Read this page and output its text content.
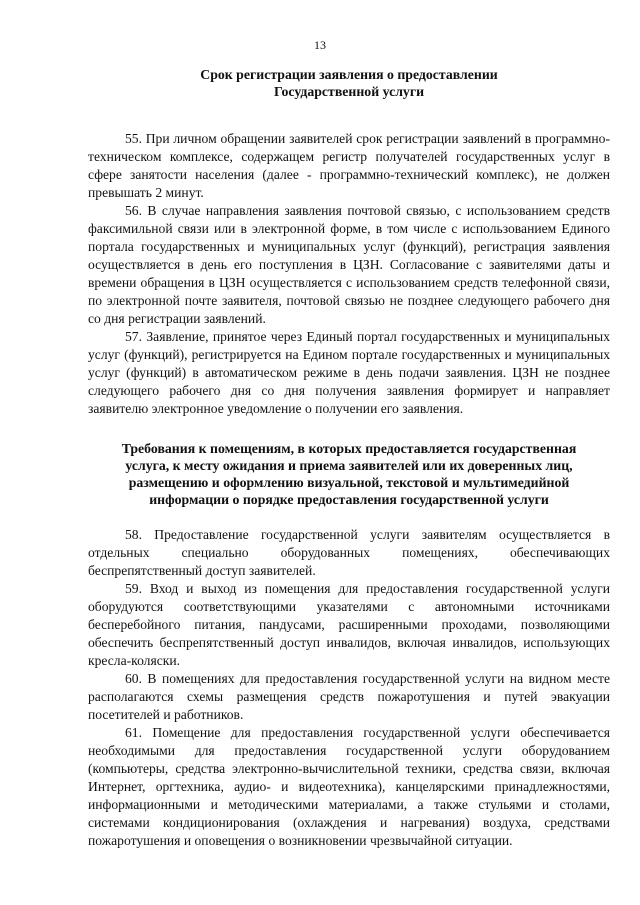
13
Срок регистрации заявления о предоставлении
Государственной услуги

55. При личном обращении заявителей срок регистрации заявлений в программно-техническом комплексе, содержащем регистр получателей государственных услуг в сфере занятости населения (далее - программно-технический комплекс), не должен превышать 2 минут.

56. В случае направления заявления почтовой связью, с использованием средств факсимильной связи или в электронной форме, в том числе с использованием Единого портала государственных и муниципальных услуг (функций), регистрация заявления осуществляется в день его поступления в ЦЗН. Согласование с заявителями даты и времени обращения в ЦЗН осуществляется с использованием средств телефонной связи, по электронной почте заявителя, почтовой связью не позднее следующего рабочего дня со дня регистрации заявлений.

57. Заявление, принятое через Единый портал государственных и муниципальных услуг (функций), регистрируется на Едином портале государственных и муниципальных услуг (функций) в автоматическом режиме в день подачи заявления. ЦЗН не позднее следующего рабочего дня со дня получения заявления формирует и направляет заявителю электронное уведомление о получении его заявления.

Требования к помещениям, в которых предоставляется государственная
услуга, к месту ожидания и приема заявителей или их доверенных лиц,
размещению и оформлению визуальной, текстовой и мультимедийной
информации о порядке предоставления государственной услуги

58. Предоставление государственной услуги заявителям осуществляется в отдельных специально оборудованных помещениях, обеспечивающих беспрепятственный доступ заявителей.

59. Вход и выход из помещения для предоставления государственной услуги оборудуются соответствующими указателями с автономными источниками бесперебойного питания, пандусами, расширенными проходами, позволяющими обеспечить беспрепятственный доступ инвалидов, включая инвалидов, использующих кресла-коляски.

60. В помещениях для предоставления государственной услуги на видном месте располагаются схемы размещения средств пожаротушения и путей эвакуации посетителей и работников.

61. Помещение для предоставления государственной услуги обеспечивается необходимыми для предоставления государственной услуги оборудованием (компьютеры, средства электронно-вычислительной техники, средства связи, включая Интернет, оргтехника, аудио- и видеотехника), канцелярскими принадлежностями, информационными и методическими материалами, а также стульями и столами, системами кондиционирования (охлаждения и нагревания) воздуха, средствами пожаротушения и оповещения о возникновении чрезвычайной ситуации.
